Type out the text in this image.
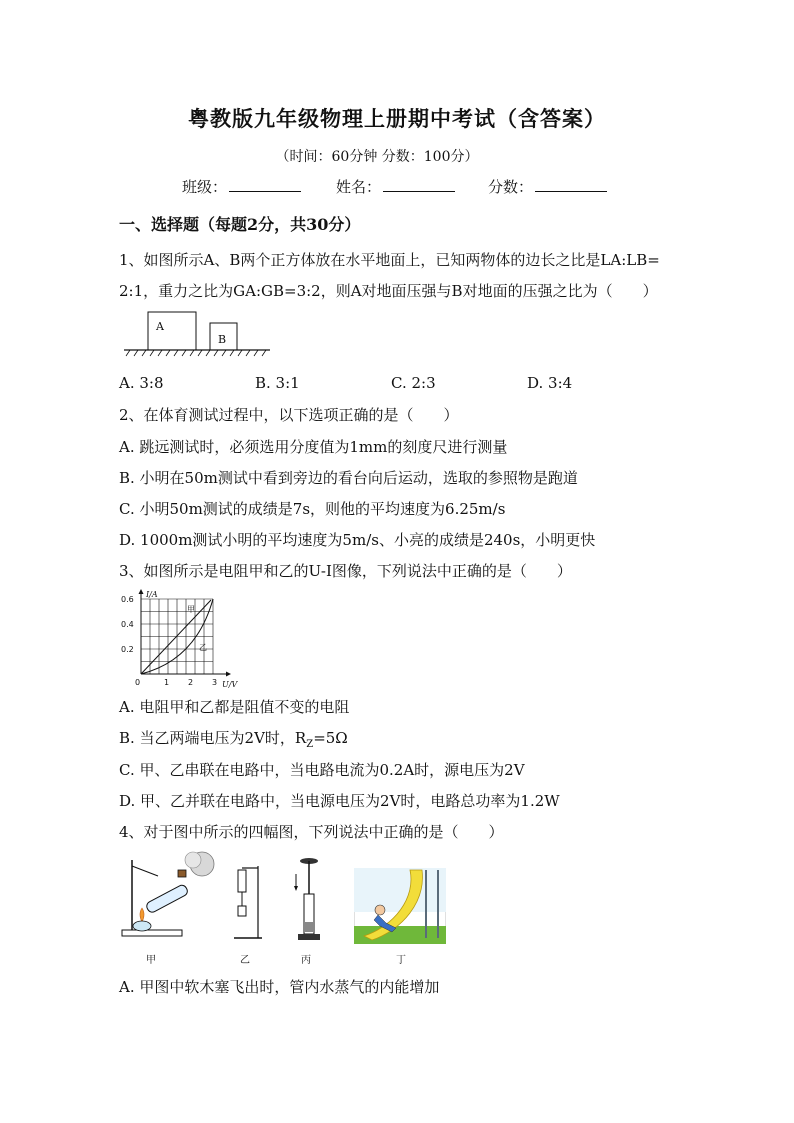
粤教版九年级物理上册期中考试（含答案）
（时间：60分钟 分数：100分）
班级：	姓名：	分数：
一、选择题（每题2分，共30分）
1、如图所示A、B两个正方体放在水平地面上，已知两物体的边长之比是LA:LB=
2:1，重力之比为GA:GB=3:2，则A对地面压强与B对地面的压强之比为（　　）
A
B
A. 3:8	B. 3:1	C. 2:3	D. 3:4
2、在体育测试过程中，以下选项正确的是（　　）
A. 跳远测试时，必须选用分度值为1mm的刻度尺进行测量
B. 小明在50m测试中看到旁边的看台向后运动，选取的参照物是跑道
C. 小明50m测试的成绩是7s，则他的平均速度为6.25m/s
D. 1000m测试小明的平均速度为5m/s、小亮的成绩是240s，小明更快
3、如图所示是电阻甲和乙的U-I图像，下列说法中正确的是（　　）
I/A
U/V
0.6
0.4
0.2
0	1 2 3
甲
乙
A. 电阻甲和乙都是阻值不变的电阻
B. 当乙两端电压为2V时，$R_Z=5\Omega$
C. 甲、乙串联在电路中，当电路电流为0.2A时，源电压为2V
D. 甲、乙并联在电路中，当电源电压为2V时，电路总功率为1.2W
4、对于图中所示的四幅图，下列说法中正确的是（　　）
甲	乙	丙	丁
A. 甲图中软木塞飞出时，管内水蒸气的内能增加
